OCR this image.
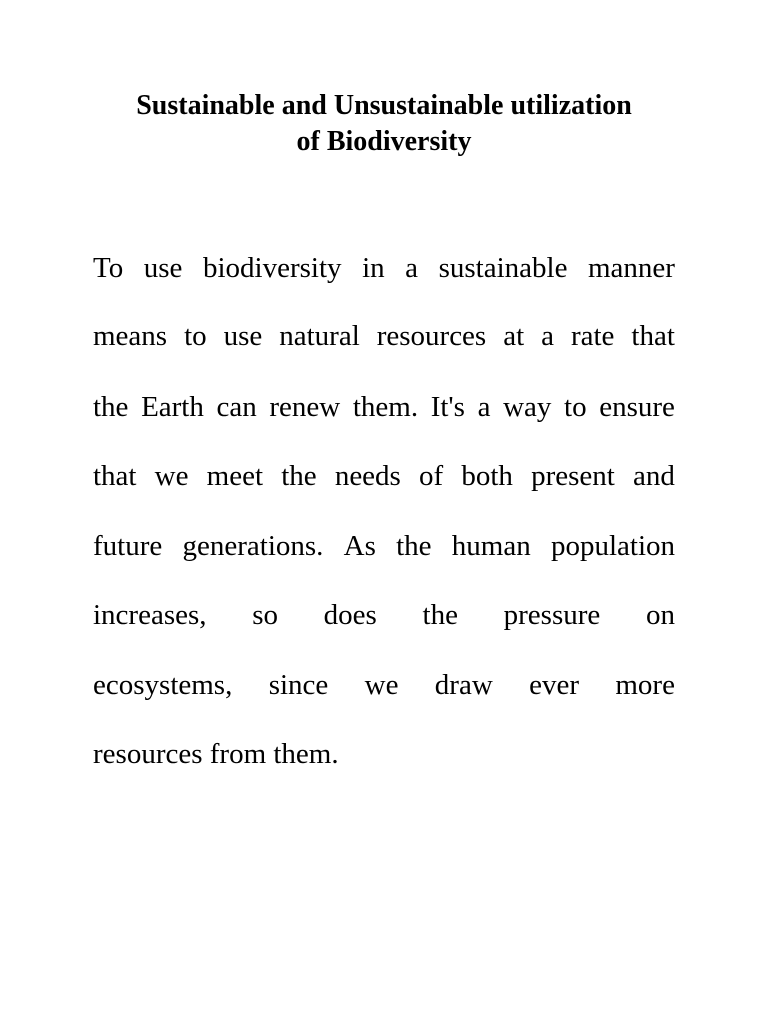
Sustainable and Unsustainable utilization
of Biodiversity
To use biodiversity in a sustainable manner
means to use natural resources at a rate that
the Earth can renew them. It's a way to ensure
that we meet the needs of both present and
future generations. As the human population
increases, so does the pressure on
ecosystems, since we draw ever more
resources from them.
